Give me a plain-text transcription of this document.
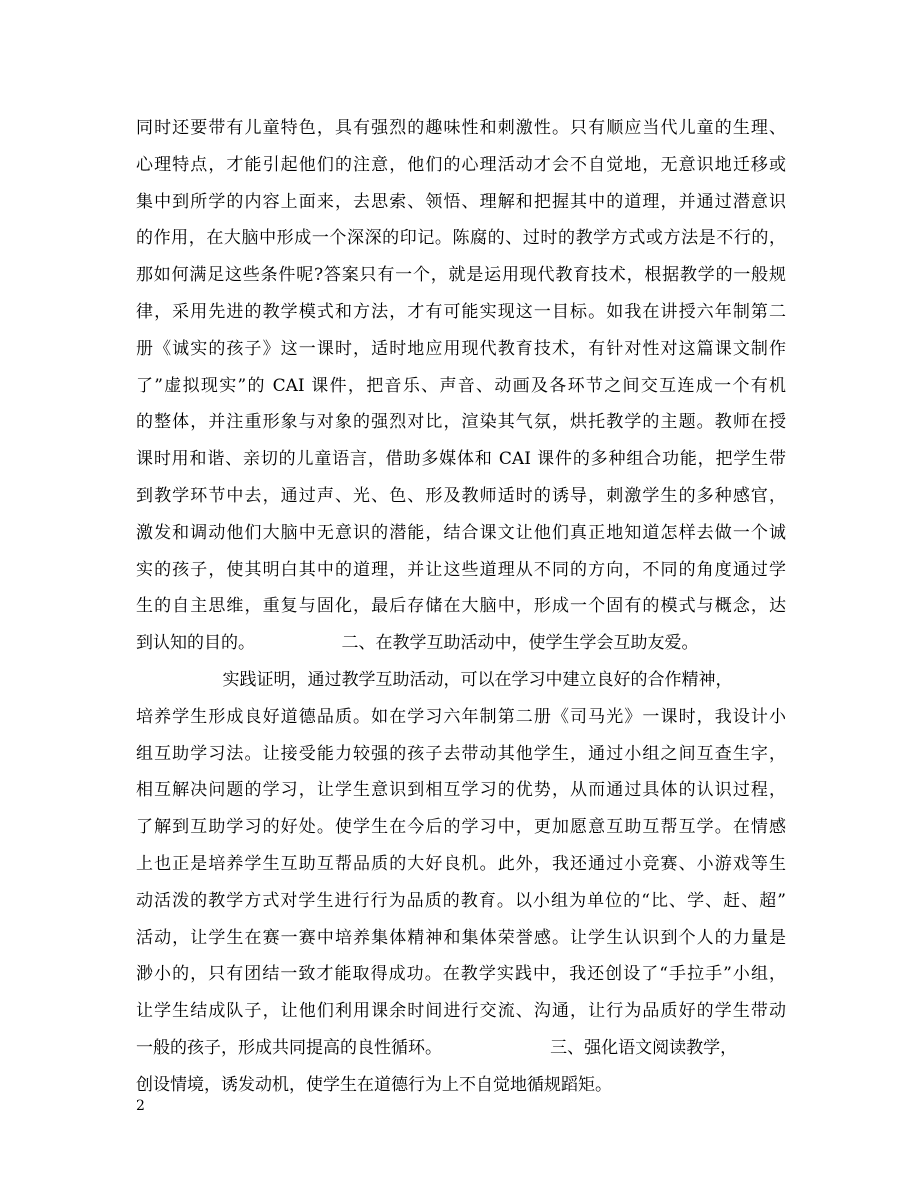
同时还要带有儿童特色，具有强烈的趣味性和刺激性。只有顺应当代儿童的生理、
心理特点，才能引起他们的注意，他们的心理活动才会不自觉地，无意识地迁移或
集中到所学的内容上面来，去思索、领悟、理解和把握其中的道理，并通过潜意识
的作用，在大脑中形成一个深深的印记。陈腐的、过时的教学方式或方法是不行的，
那如何满足这些条件呢?答案只有一个，就是运用现代教育技术，根据教学的一般规
律，采用先进的教学模式和方法，才有可能实现这一目标。如我在讲授六年制第二
册《诚实的孩子》这一课时，适时地应用现代教育技术，有针对性对这篇课文制作
了”虚拟现实”的 CAI 课件，把音乐、声音、动画及各环节之间交互连成一个有机
的整体，并注重形象与对象的强烈对比，渲染其气氛，烘托教学的主题。教师在授
课时用和谐、亲切的儿童语言，借助多媒体和 CAI 课件的多种组合功能，把学生带
到教学环节中去，通过声、光、色、形及教师适时的诱导，刺激学生的多种感官，
激发和调动他们大脑中无意识的潜能，结合课文让他们真正地知道怎样去做一个诚
实的孩子，使其明白其中的道理，并让这些道理从不同的方向，不同的角度通过学
生的自主思维，重复与固化，最后存储在大脑中，形成一个固有的模式与概念，达
到认知的目的。                二、在教学互助活动中，使学生学会互助友爱。
实践证明，通过教学互助活动，可以在学习中建立良好的合作精神，
培养学生形成良好道德品质。如在学习六年制第二册《司马光》一课时，我设计小
组互助学习法。让接受能力较强的孩子去带动其他学生，通过小组之间互查生字，
相互解决问题的学习，让学生意识到相互学习的优势，从而通过具体的认识过程，
了解到互助学习的好处。使学生在今后的学习中，更加愿意互助互帮互学。在情感
上也正是培养学生互助互帮品质的大好良机。此外，我还通过小竞赛、小游戏等生
动活泼的教学方式对学生进行行为品质的教育。以小组为单位的“比、学、赶、超”
活动，让学生在赛一赛中培养集体精神和集体荣誉感。让学生认识到个人的力量是
渺小的，只有团结一致才能取得成功。在教学实践中，我还创设了“手拉手”小组，
让学生结成队子，让他们利用课余时间进行交流、沟通，让行为品质好的学生带动
一般的孩子，形成共同提高的良性循环。                    三、强化语文阅读教学，
创设情境，诱发动机，使学生在道德行为上不自觉地循规蹈矩。
2
